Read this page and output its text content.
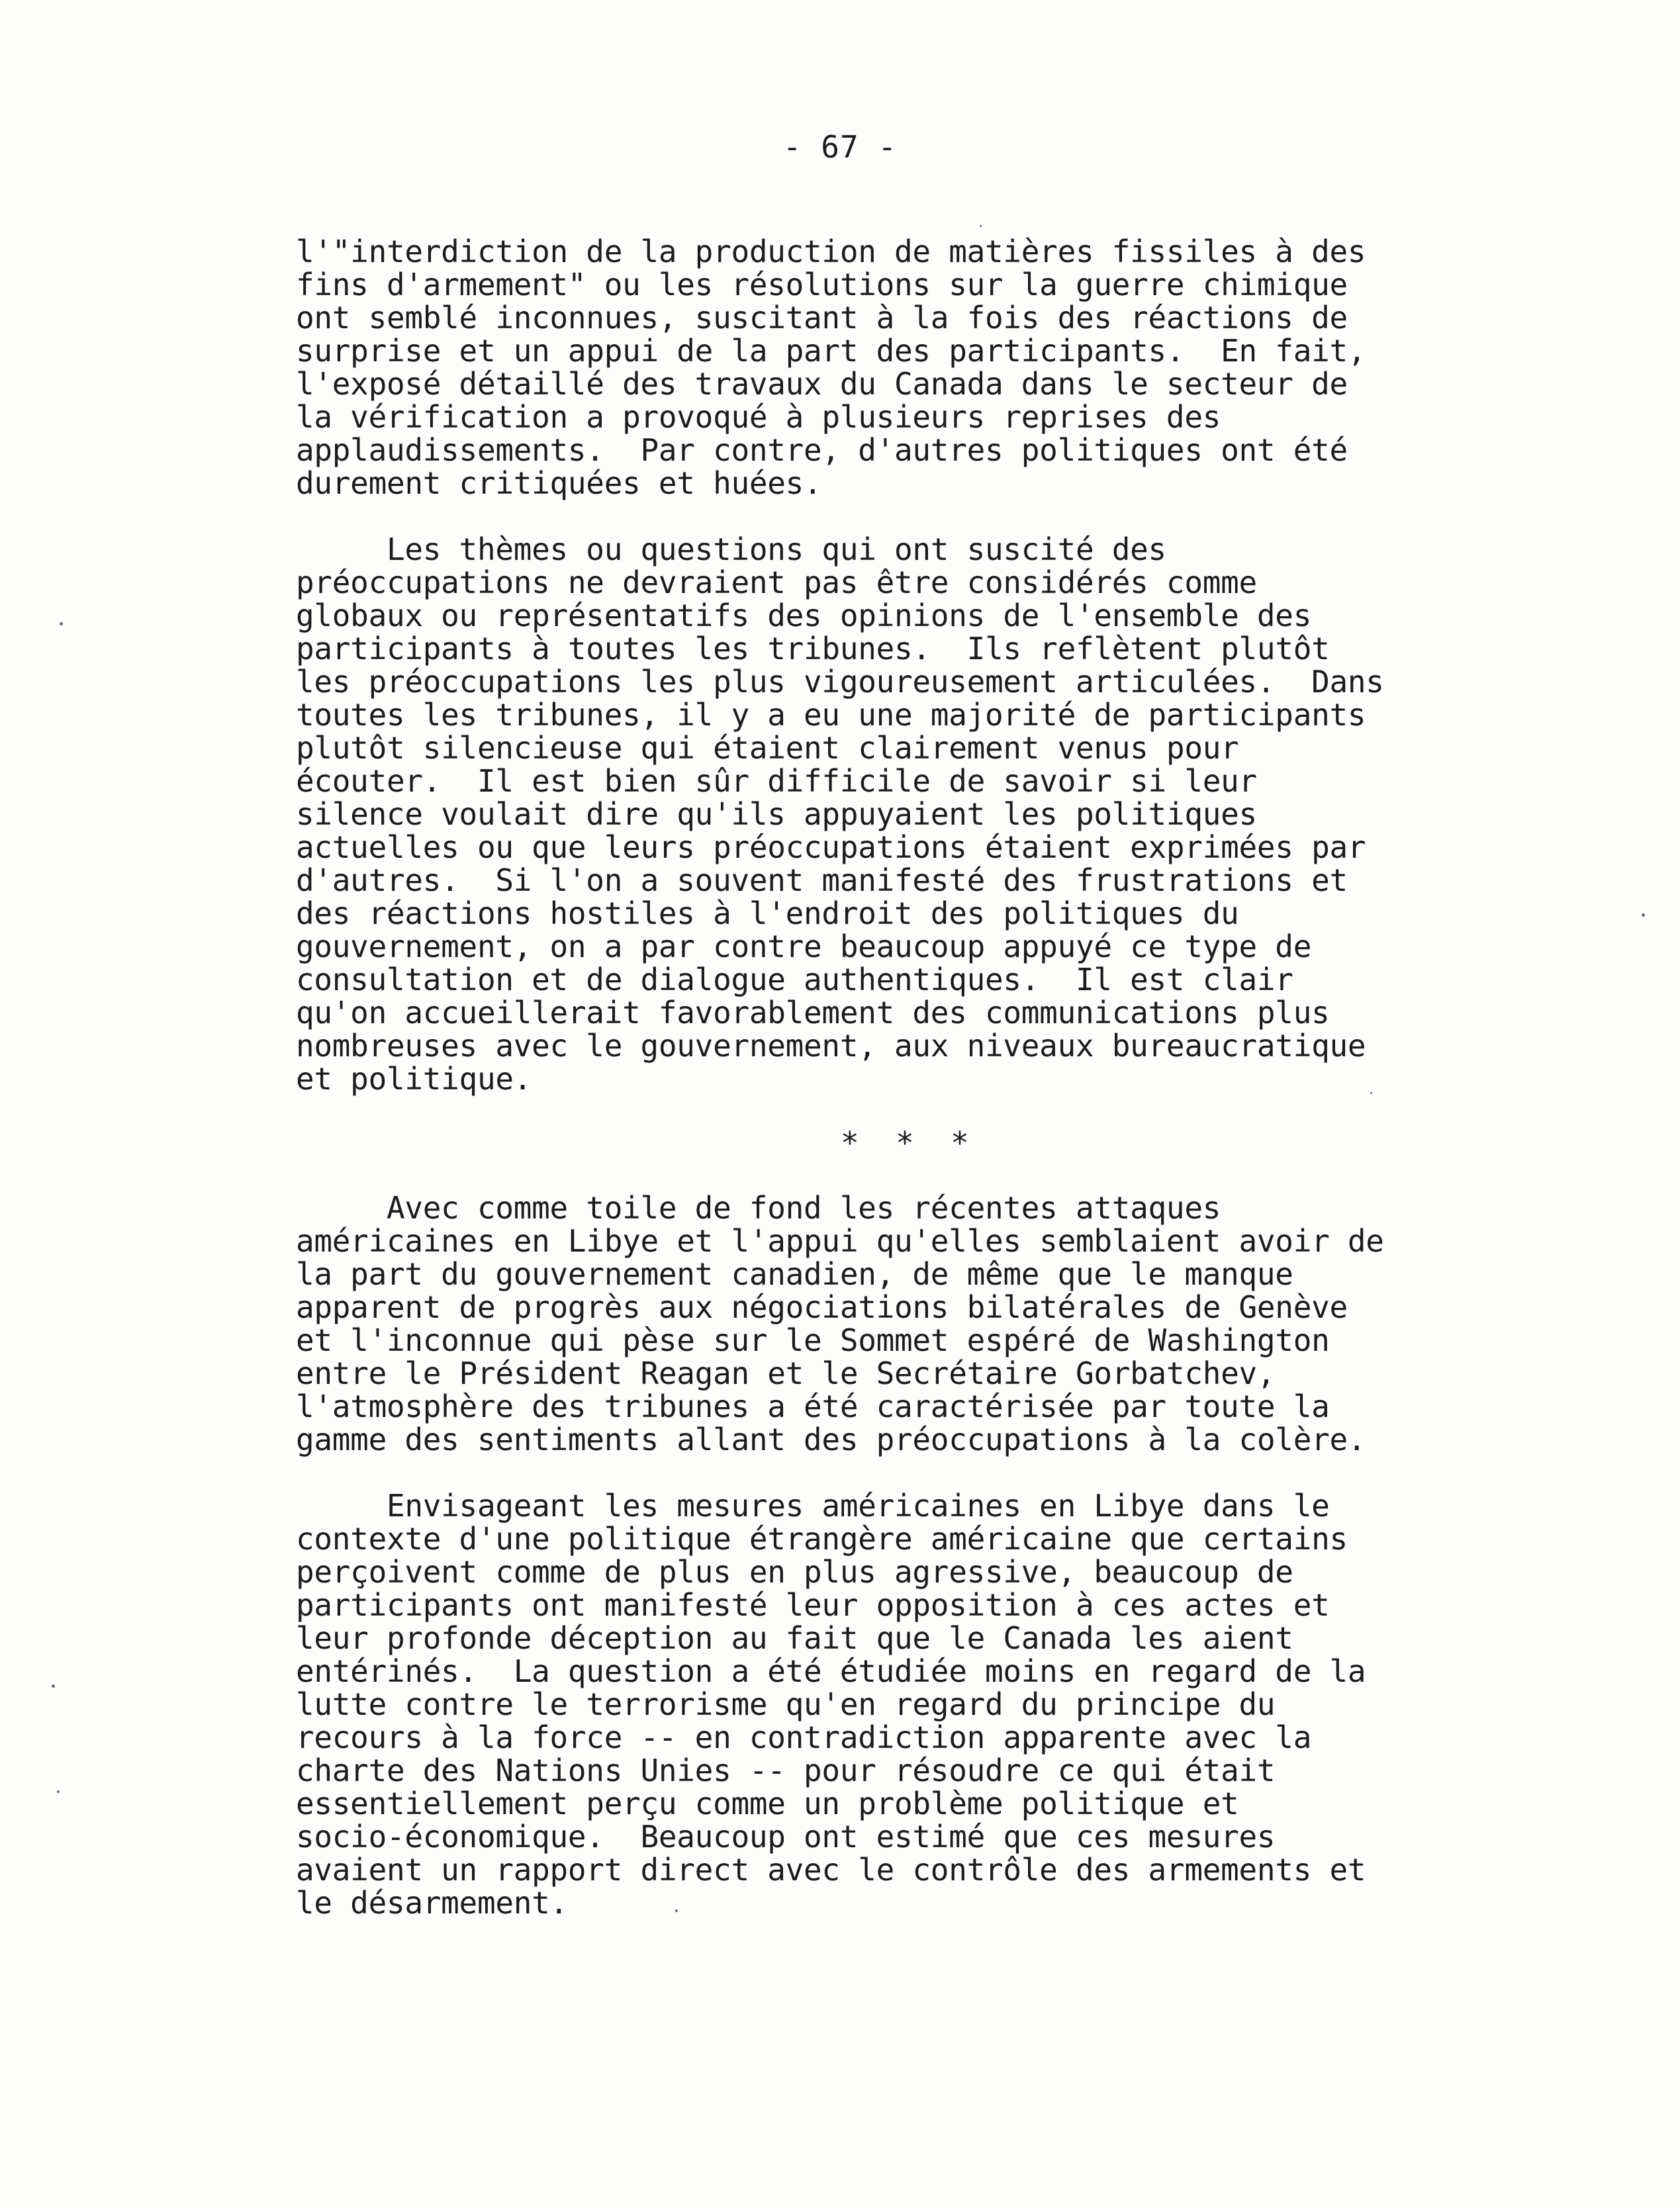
- 67 -
l'"interdiction de la production de matières fissiles à des
fins d'armement" ou les résolutions sur la guerre chimique
ont semblé inconnues, suscitant à la fois des réactions de
surprise et un appui de la part des participants.  En fait,
l'exposé détaillé des travaux du Canada dans le secteur de
la vérification a provoqué à plusieurs reprises des
applaudissements.  Par contre, d'autres politiques ont été
durement critiquées et huées.
Les thèmes ou questions qui ont suscité des
préoccupations ne devraient pas être considérés comme
globaux ou représentatifs des opinions de l'ensemble des
participants à toutes les tribunes.  Ils reflètent plutôt
les préoccupations les plus vigoureusement articulées.  Dans
toutes les tribunes, il y a eu une majorité de participants
plutôt silencieuse qui étaient clairement venus pour
écouter.  Il est bien sûr difficile de savoir si leur
silence voulait dire qu'ils appuyaient les politiques
actuelles ou que leurs préoccupations étaient exprimées par
d'autres.  Si l'on a souvent manifesté des frustrations et
des réactions hostiles à l'endroit des politiques du
gouvernement, on a par contre beaucoup appuyé ce type de
consultation et de dialogue authentiques.  Il est clair
qu'on accueillerait favorablement des communications plus
nombreuses avec le gouvernement, aux niveaux bureaucratique
et politique.
*  *  *
Avec comme toile de fond les récentes attaques
américaines en Libye et l'appui qu'elles semblaient avoir de
la part du gouvernement canadien, de même que le manque
apparent de progrès aux négociations bilatérales de Genève
et l'inconnue qui pèse sur le Sommet espéré de Washington
entre le Président Reagan et le Secrétaire Gorbatchev,
l'atmosphère des tribunes a été caractérisée par toute la
gamme des sentiments allant des préoccupations à la colère.
Envisageant les mesures américaines en Libye dans le
contexte d'une politique étrangère américaine que certains
perçoivent comme de plus en plus agressive, beaucoup de
participants ont manifesté leur opposition à ces actes et
leur profonde déception au fait que le Canada les aient
entérinés.  La question a été étudiée moins en regard de la
lutte contre le terrorisme qu'en regard du principe du
recours à la force -- en contradiction apparente avec la
charte des Nations Unies -- pour résoudre ce qui était
essentiellement perçu comme un problème politique et
socio-économique.  Beaucoup ont estimé que ces mesures
avaient un rapport direct avec le contrôle des armements et
le désarmement.
